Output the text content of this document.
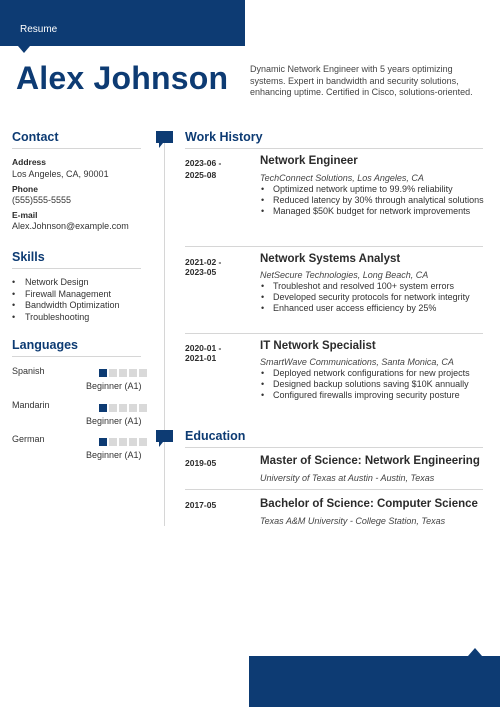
Resume
Alex Johnson Dynamic Network Engineer with 5 years optimizing systems. Expert in bandwidth and security solutions, enhancing uptime. Certified in Cisco, solutions-oriented.
Contact
Address
Los Angeles, CA, 90001
Phone
(555)555-5555
E-mail
Alex.Johnson@example.com
Skills
• Network Design
• Firewall Management
• Bandwidth Optimization
• Troubleshooting
Languages
Spanish
Beginner (A1)
Mandarin
Beginner (A1)
German
Beginner (A1)
Work History
2023-06 -
2025-08
Network Engineer
TechConnect Solutions, Los Angeles, CA
• Optimized network uptime to 99.9% reliability
• Reduced latency by 30% through analytical solutions
• Managed $50K budget for network improvements
2021-02 -
2023-05
Network Systems Analyst
NetSecure Technologies, Long Beach, CA
• Troubleshot and resolved 100+ system errors
• Developed security protocols for network integrity
• Enhanced user access efficiency by 25%
2020-01 -
2021-01
IT Network Specialist
SmartWave Communications, Santa Monica, CA
• Deployed network configurations for new projects
• Designed backup solutions saving $10K annually
• Configured firewalls improving security posture
Education
2019-05	Master of Science: Network Engineering
University of Texas at Austin - Austin, Texas
2017-05	Bachelor of Science: Computer Science
Texas A&M University - College Station, Texas
